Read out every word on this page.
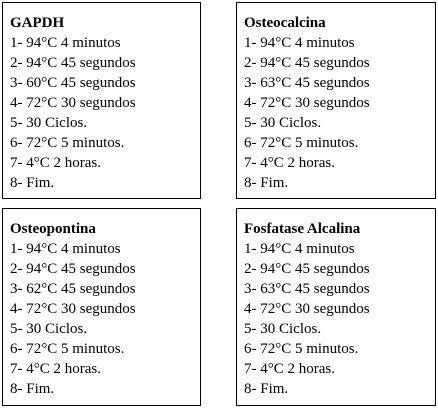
GAPDH
1- 94°C 4 minutos
2- 94°C 45 segundos
3- 60°C 45 segundos
4- 72°C 30 segundos
5- 30 Ciclos.
6- 72°C 5 minutos.
7- 4°C 2 horas.
8- Fim.
Osteocalcina
1- 94°C 4 minutos
2- 94°C 45 segundos
3- 63°C 45 segundos
4- 72°C 30 segundos
5- 30 Ciclos.
6- 72°C 5 minutos.
7- 4°C 2 horas.
8- Fim.
Osteopontina
1- 94°C 4 minutos
2- 94°C 45 segundos
3- 62°C 45 segundos
4- 72°C 30 segundos
5- 30 Ciclos.
6- 72°C 5 minutos.
7- 4°C 2 horas.
8- Fim.
Fosfatase Alcalina
1- 94°C 4 minutos
2- 94°C 45 segundos
3- 63°C 45 segundos
4- 72°C 30 segundos
5- 30 Ciclos.
6- 72°C 5 minutos.
7- 4°C 2 horas.
8- Fim.
